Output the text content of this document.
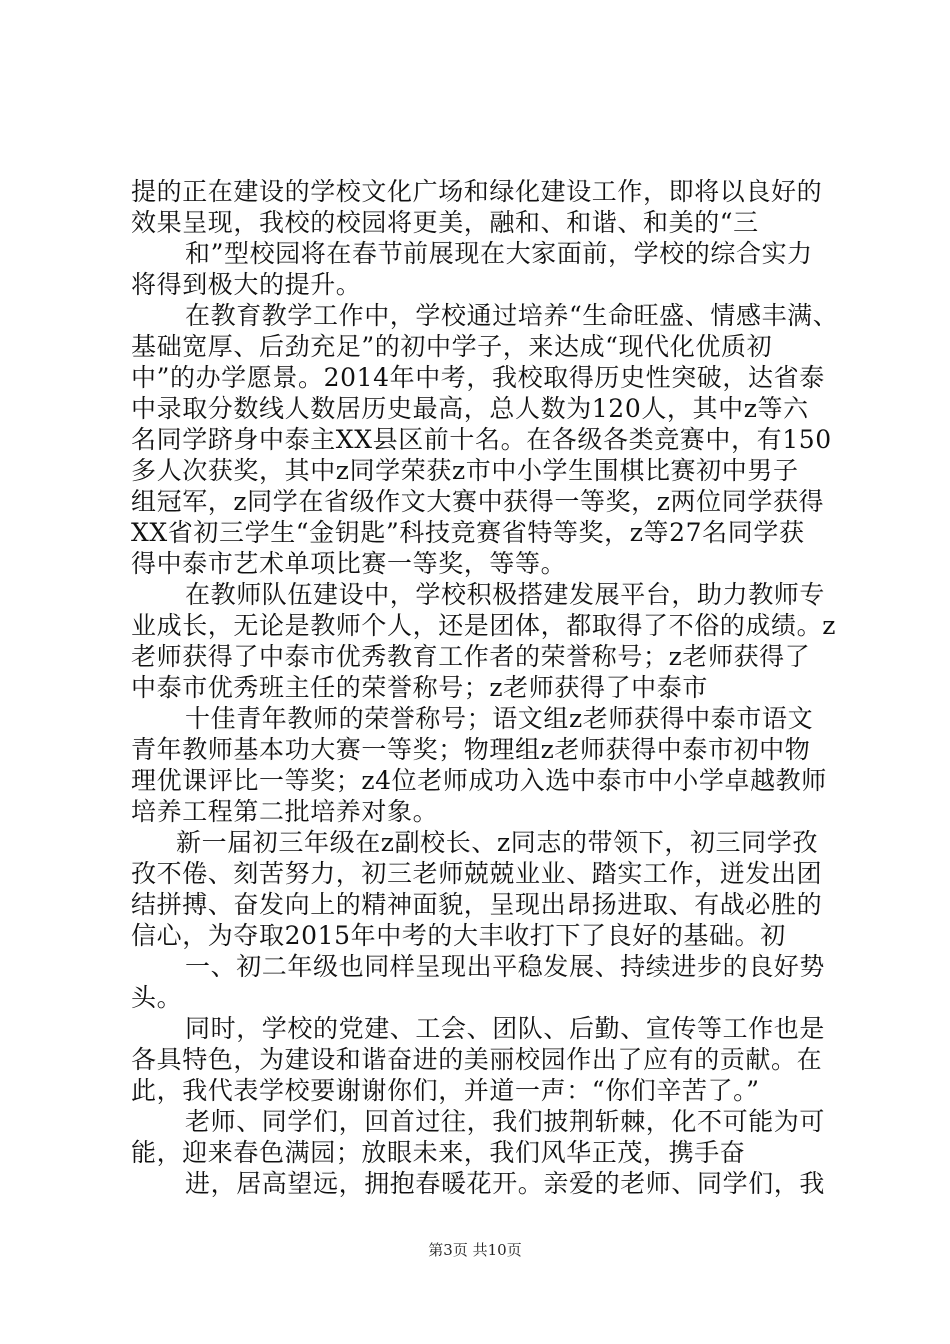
提的正在建设的学校文化广场和绿化建设工作，即将以良好的
效果呈现，我校的校园将更美，融和、和谐、和美的“三
和”型校园将在春节前展现在大家面前，学校的综合实力
将得到极大的提升。
在教育教学工作中，学校通过培养“生命旺盛、情感丰满、
基础宽厚、后劲充足”的初中学子，来达成“现代化优质初
中”的办学愿景。2014年中考，我校取得历史性突破，达省泰
中录取分数线人数居历史最高，总人数为120人，其中z等六
名同学跻身中泰主XX县区前十名。在各级各类竞赛中，有150
多人次获奖，其中z同学荣获z市中小学生围棋比赛初中男子
组冠军，z同学在省级作文大赛中获得一等奖，z两位同学获得
XX省初三学生“金钥匙”科技竞赛省特等奖，z等27名同学获
得中泰市艺术单项比赛一等奖，等等。
在教师队伍建设中，学校积极搭建发展平台，助力教师专
业成长，无论是教师个人，还是团体，都取得了不俗的成绩。z
老师获得了中泰市优秀教育工作者的荣誉称号；z老师获得了
中泰市优秀班主任的荣誉称号；z老师获得了中泰市
十佳青年教师的荣誉称号；语文组z老师获得中泰市语文
青年教师基本功大赛一等奖；物理组z老师获得中泰市初中物
理优课评比一等奖；z4位老师成功入选中泰市中小学卓越教师
培养工程第二批培养对象。
新一届初三年级在z副校长、z同志的带领下，初三同学孜
孜不倦、刻苦努力，初三老师兢兢业业、踏实工作，迸发出团
结拼搏、奋发向上的精神面貌，呈现出昂扬进取、有战必胜的
信心，为夺取2015年中考的大丰收打下了良好的基础。初
一、初二年级也同样呈现出平稳发展、持续进步的良好势
头。
同时，学校的党建、工会、团队、后勤、宣传等工作也是
各具特色，为建设和谐奋进的美丽校园作出了应有的贡献。在
此，我代表学校要谢谢你们，并道一声：“你们辛苦了。”
老师、同学们，回首过往，我们披荆斩棘，化不可能为可
能，迎来春色满园；放眼未来，我们风华正茂，携手奋
进，居高望远，拥抱春暖花开。亲爱的老师、同学们，我
第3页 共10页
